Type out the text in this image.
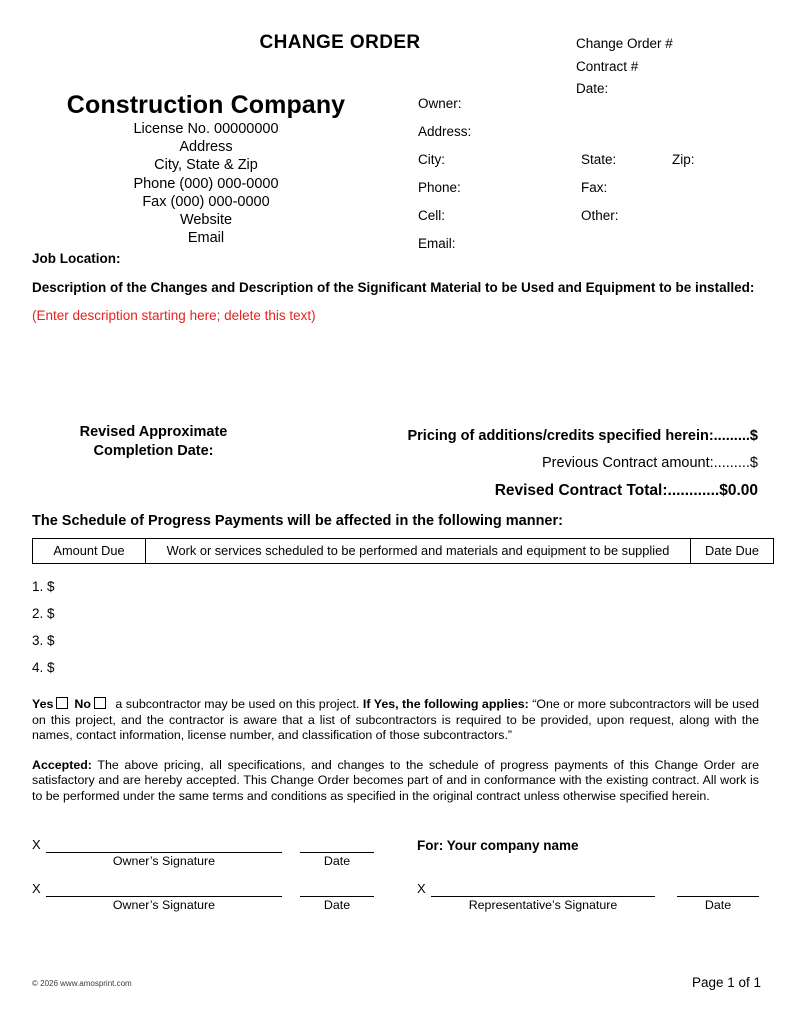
CHANGE ORDER	Change Order #
Contract #
Date:
Construction Company
License No. 00000000
Address
City, State & Zip
Phone (000) 000-0000
Fax (000) 000-0000
Website
Email
Owner:
Address:
City:	State:	Zip:
Phone:	Fax:
Cell:	Other:
Email:
Job Location:
Description of the Changes and Description of the Significant Material to be Used and Equipment to be installed:
(Enter description starting here; delete this text)
Revised Approximate
Completion Date:
Pricing of additions/credits specified herein:.........$
Previous Contract amount:.........$
Revised Contract Total:............$0.00
The Schedule of Progress Payments will be affected in the following manner:
Amount Due	Work or services scheduled to be performed and materials and equipment to be supplied	Date Due
1. $
2. $
3. $
4. $
Yes No a subcontractor may be used on this project. If Yes, the following applies: “One or more subcontractors will be used on this project, and the contractor is aware that a list of subcontractors is required to be provided, upon request, along with the names, contact information, license number, and classification of those subcontractors.”
Accepted: The above pricing, all specifications, and changes to the schedule of progress payments of this Change Order are satisfactory and are hereby accepted. This Change Order becomes part of and in conformance with the existing contract. All work is to be performed under the same terms and conditions as specified in the original contract unless otherwise specified herein.
X
Owner’s Signature	Date
For: Your company name
X
Owner’s Signature	Date
X
Representative’s Signature	Date
© 2026 www.amosprint.com	Page 1 of 1
